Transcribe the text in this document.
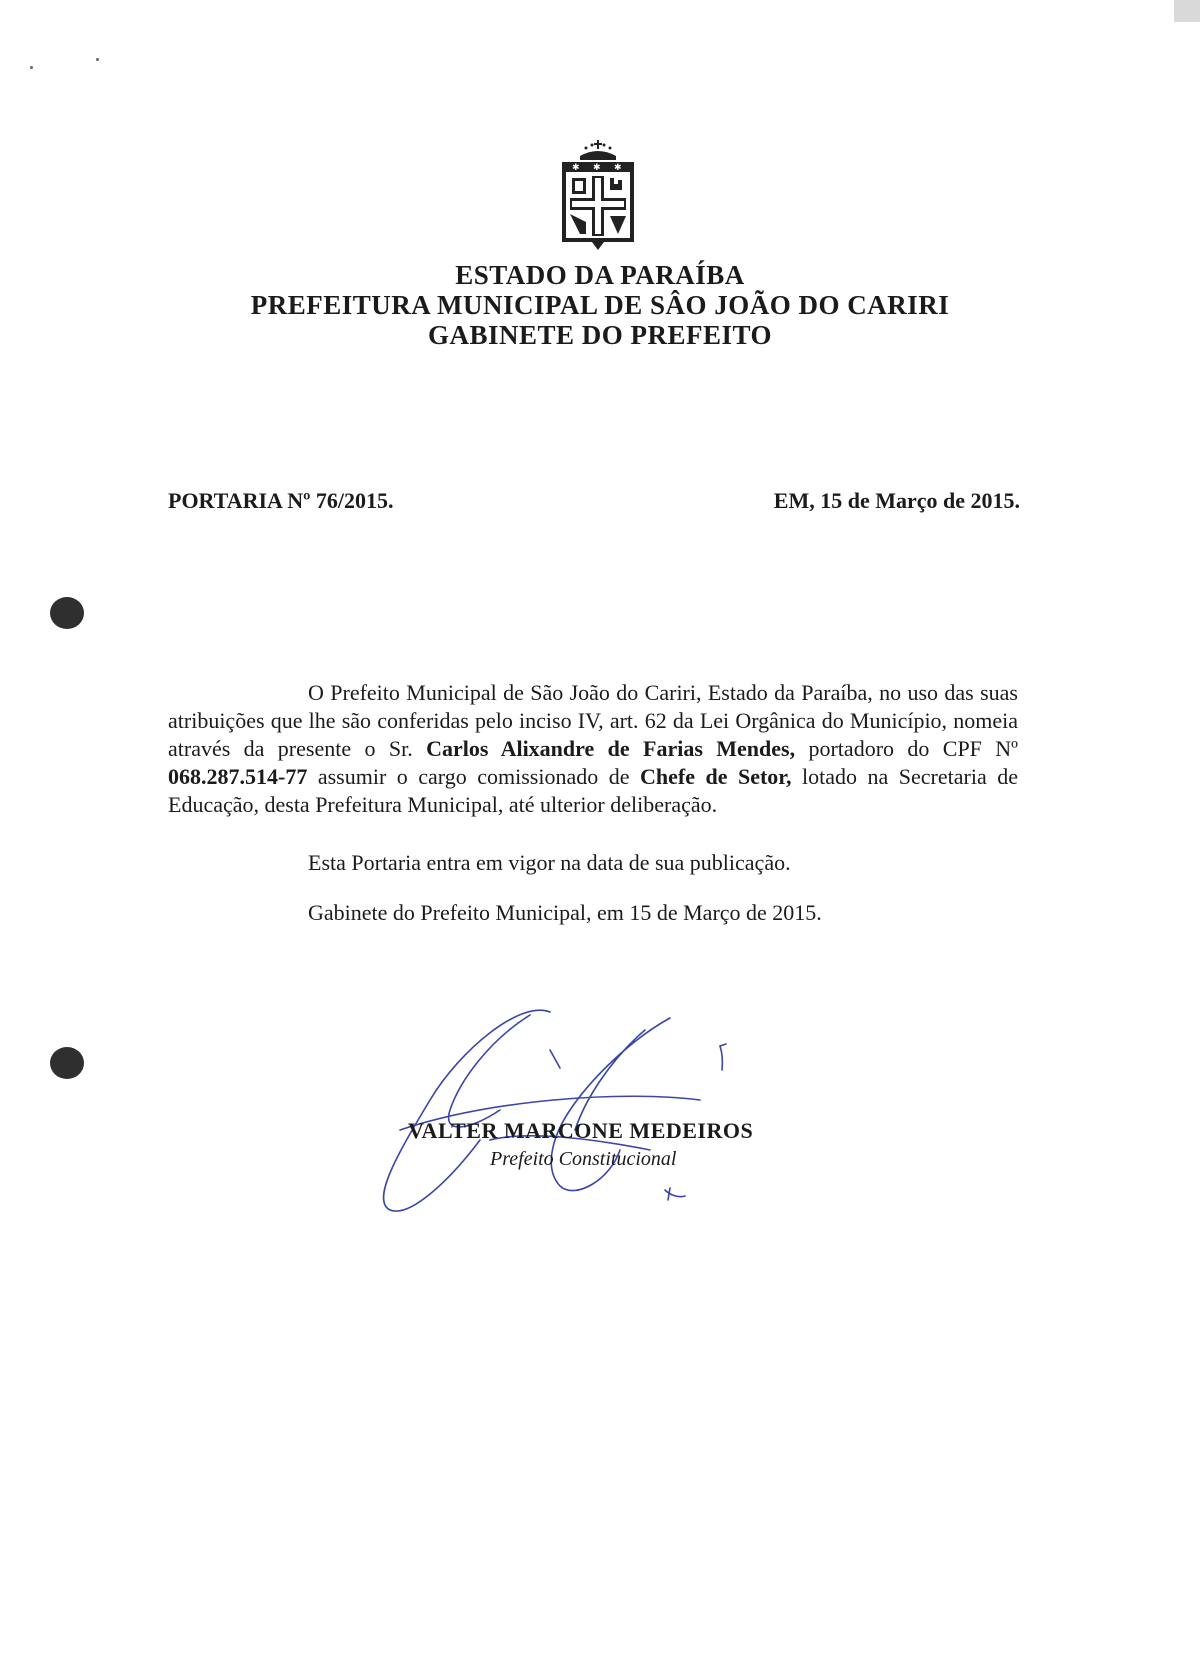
✱ ✱ ✱
ESTADO DA PARAÍBA
PREFEITURA MUNICIPAL DE SÂO JOÃO DO CARIRI
GABINETE DO PREFEITO
PORTARIA Nº 76/2015.	EM, 15 de Março de 2015.
O Prefeito Municipal de São João do Cariri, Estado da Paraíba, no uso das suas atribuições que lhe são conferidas pelo inciso IV, art. 62 da Lei Orgânica do Município, nomeia através da presente o Sr. Carlos Alixandre de Farias Mendes, portadoro do CPF Nº 068.287.514-77 assumir o cargo comissionado de Chefe de Setor, lotado na Secretaria de Educação, desta Prefeitura Municipal, até ulterior deliberação.
Esta Portaria entra em vigor na data de sua publicação.
Gabinete do Prefeito Municipal, em 15 de Março de 2015.
VALTER MARCONE MEDEIROS
Prefeito Constitucional
